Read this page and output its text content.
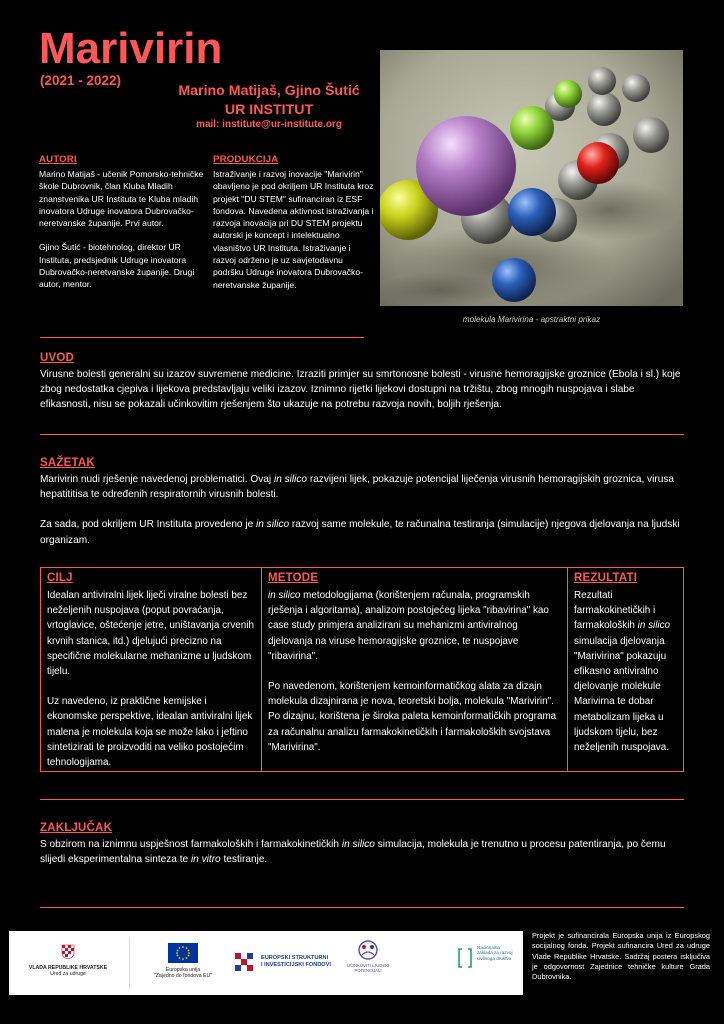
Marivirin
(2021 - 2022)
Marino Matijaš, Gjino Šutić
UR INSTITUT
mail: institute@ur-institute.org
molekula Marivirina - apstraktni prikaz
AUTORI

Marino Matijaš - učenik Pomorsko-tehničke škole Dubrovnik, član Kluba Mladih znanstvenika UR Instituta te Kluba mladih inovatora Udruge inovatora Dubrovačko-neretvanske županije. Prvi autor.

Gjino Šutić - biotehnolog, direktor UR Instituta, predsjednik Udruge inovatora Dubrovačko-neretvanske županije. Drugi autor, mentor.

PRODUKCIJA

Istraživanje i razvoj inovacije "Marivirin" obavljeno je pod okriljem UR Instituta kroz projekt "DU STEM" sufinanciran iz ESF fondova. Navedena aktivnost istraživanja i razvoja inovacija pri DU STEM projektu autorski je koncept i intelektualno vlasništvo UR Instituta. Istraživanje i razvoj održeno je uz savjetodavnu podršku Udruge inovatora Dubrovačko-neretvanske županije.

UVOD

Virusne bolesti generalni su izazov suvremene medicine. Izraziti primjer su smrtonosne bolesti - virusne hemoragijske groznice (Ebola i sl.) koje zbog nedostatka cjepiva i lijekova predstavljaju veliki izazov. Iznimno rijetki lijekovi dostupni na tržištu, zbog mnogih nuspojava i slabe efikasnosti, nisu se pokazali učinkovitim rješenjem što ukazuje na potrebu razvoja novih, boljih rješenja.

SAŽETAK

Marivirin nudi rješenje navedenoj problematici. Ovaj in silico razvijeni lijek, pokazuje potencijal liječenja virusnih hemoragijskih groznica, virusa hepatititisa te određenih respiratornih virusnih bolesti.

Za sada, pod okriljem UR Instituta provedeno je in silico razvoj same molekule, te računalna testiranja (simulacije) njegova djelovanja na ljudski organizam.

CILJ

Idealan antiviralni lijek liječi viralne bolesti bez neželjenih nuspojava (poput povraćanja, vrtoglavice, oštećenje jetre, uništavanja crvenih krvnih stanica, itd.) djelujući precizno na specifične molekularne mehanizme u ljudskom tijelu.

Uz navedeno, iz praktične kemijske i ekonomske perspektive, idealan antiviralni lijek malena je molekula koja se može lako i jeftino sintetizirati te proizvoditi na veliko postojećim tehnologijama.

METODE

in silico metodologijama (korištenjem računala, programskih rješenja i algoritama), analizom postojećeg lijeka "ribavirina" kao case study primjera analizirani su mehanizmi antiviralnog djelovanja na viruse hemoragijske groznice, te nuspojave "ribavirina".

Po navedenom, korištenjem kemoinformatičkog alata za dizajn molekula dizajnirana je nova, teoretski bolja, molekula "Marivirin".

Po dizajnu, korištena je široka paleta kemoinformatičkih programa za računalnu analizu farmakokinetičkih i farmakoloških svojstava "Marivirina".

REZULTATI

Rezultati farmakokinetičkih i farmakoloških in silico simulacija djelovanja "Marivirina" pokazuju efikasno antiviralno djelovanje molekule Marivirna te dobar metabolizam lijeka u ljudskom tijelu, bez neželjenih nuspojava.

ZAKLJUČAK

S obzirom na iznimnu uspješnost farmakoloških i farmakokinetičkih in silico simulacija, molekula je trenutno u procesu patentiranja, po čemu slijedi eksperimentalna sinteza te in vitro testiranje.

VLADA REPUBLIKE HRVATSKE
Ured za udruge
Europska unija
"Zajedno do fondova EU"
EUROPSKI STRUKTURNI
I INVESTICIJSKI FONDOVI	UČINKOVITI LJUDSKI POTENCIJALI
Nacionalna zaklada za razvoj civilnoga društva
Projekt je sufinancirala Europska unija iz Europskog socijalnog fonda. Projekt sufinancira Ured za udruge Vlade Republike Hrvatske. Sadržaj postera isključiva je odgovornost Zajednice tehničke kulture Grada Dubrovnika.
